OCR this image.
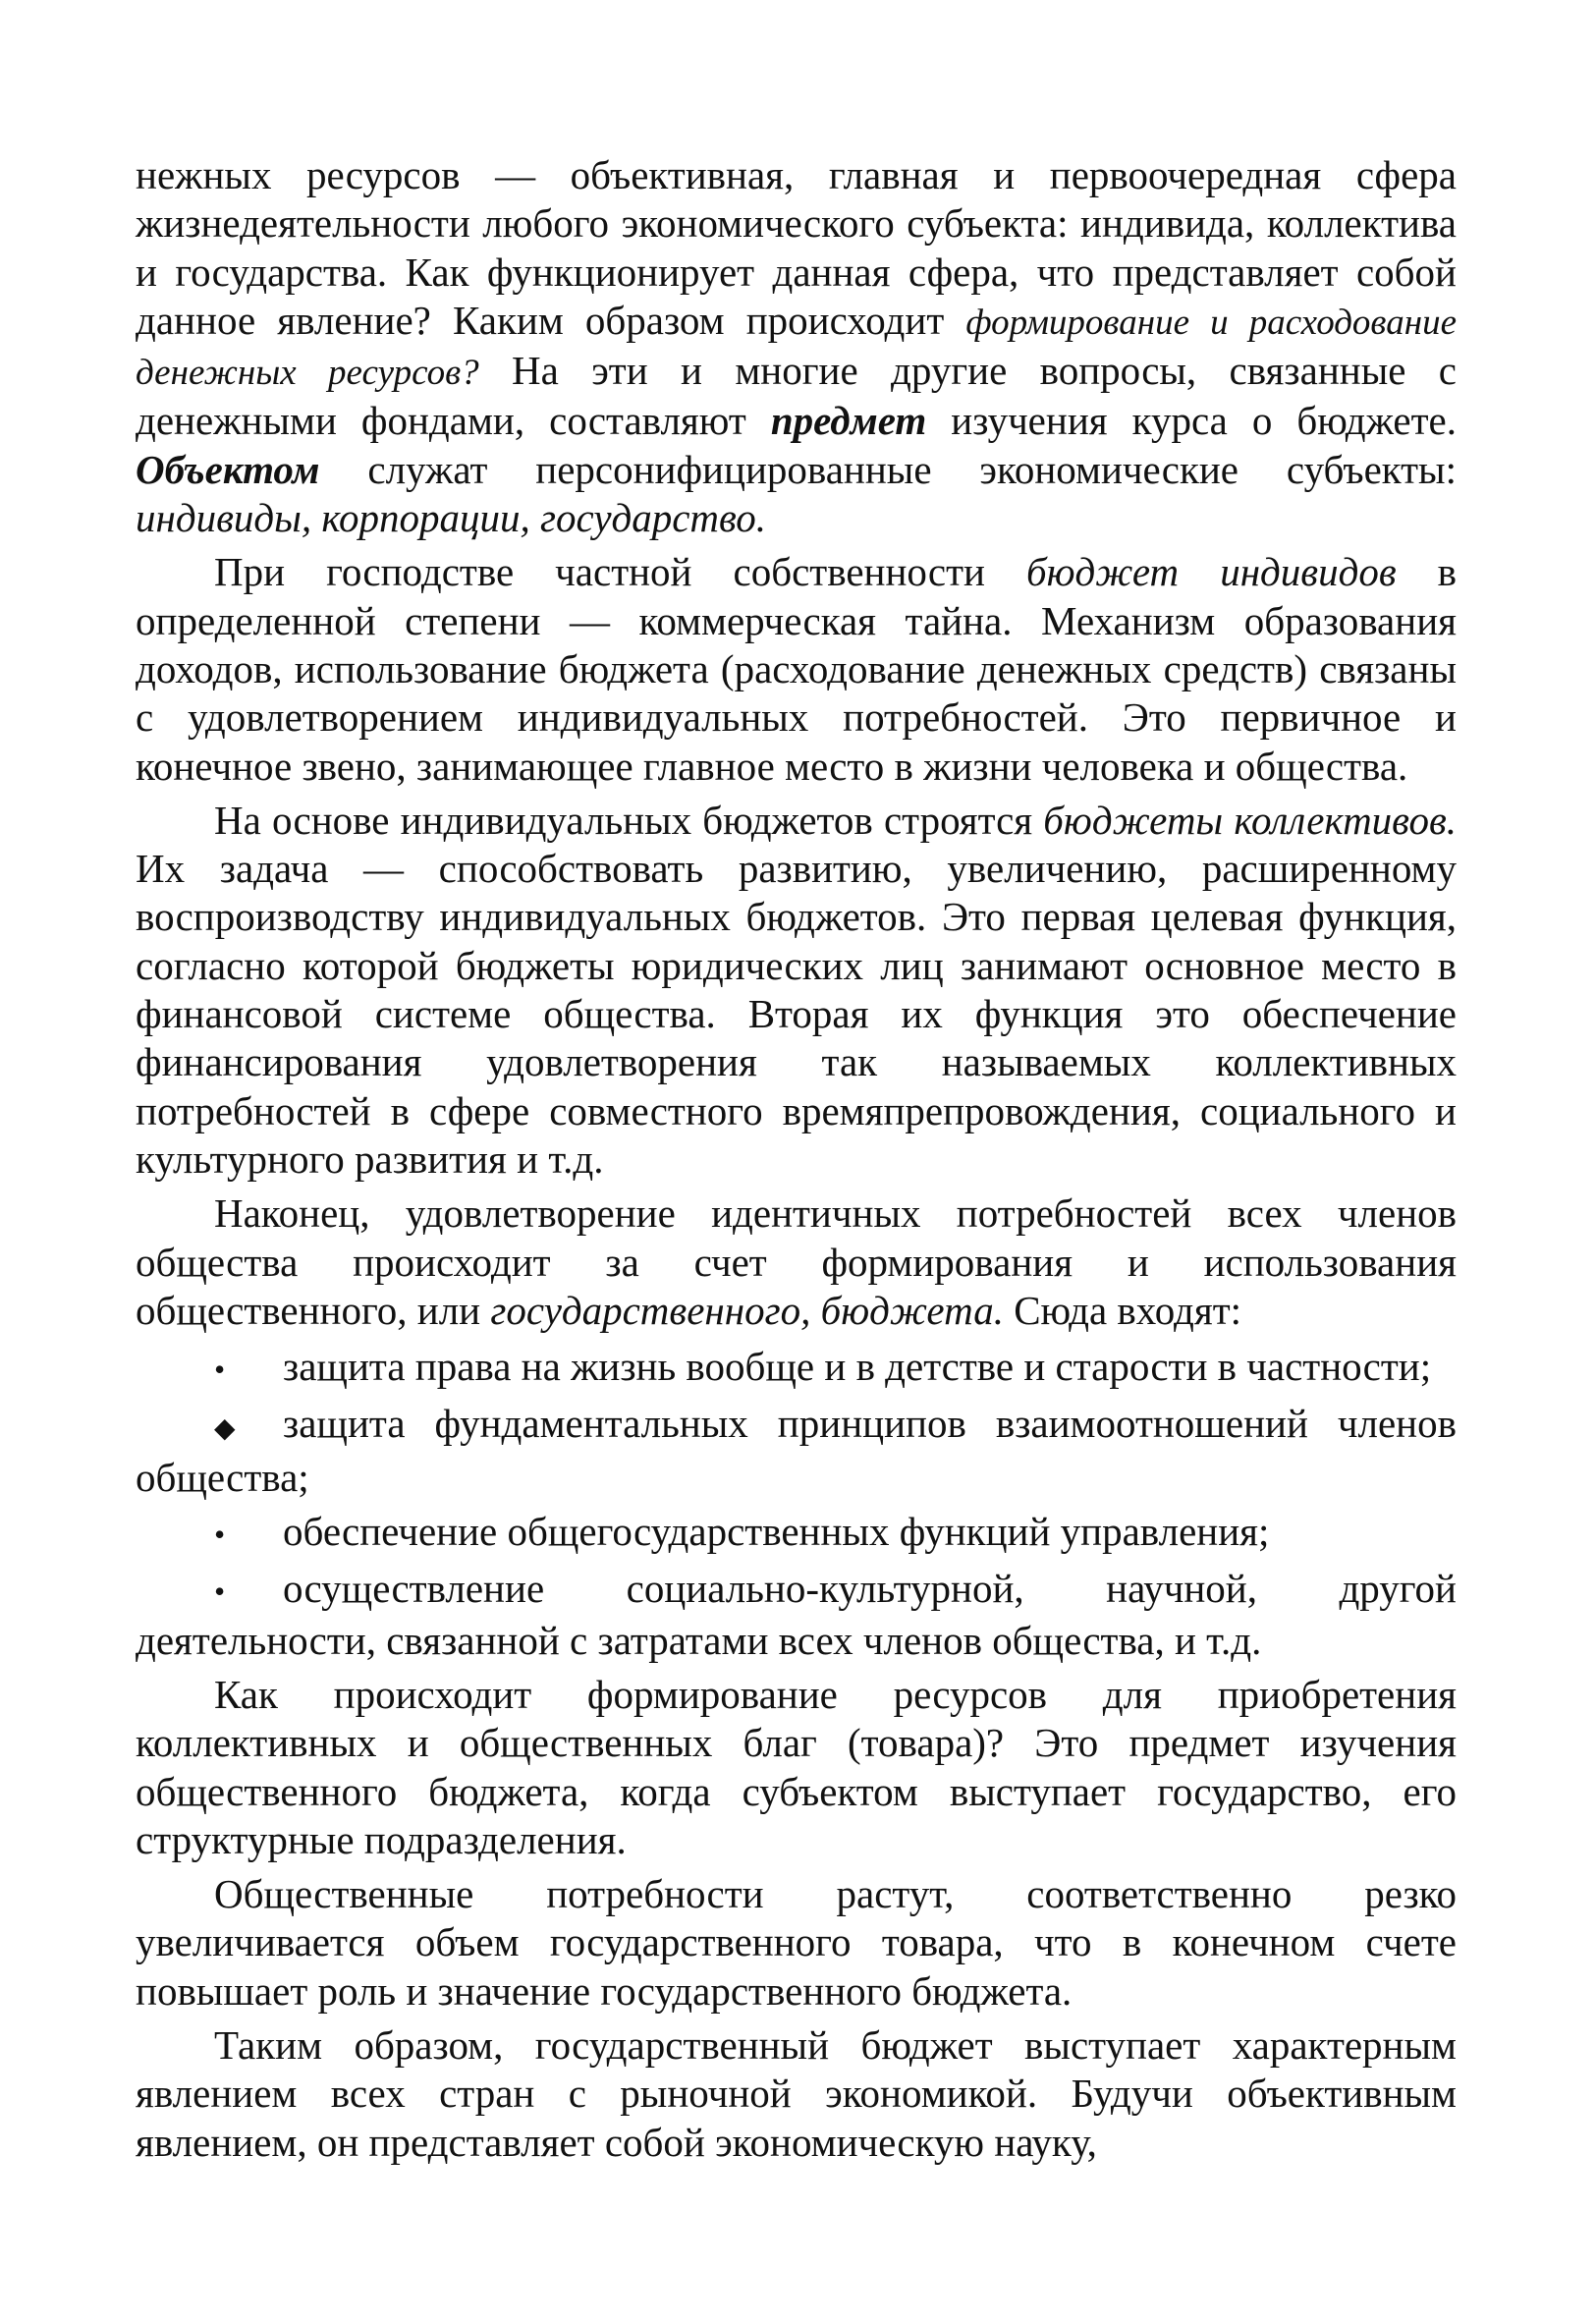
нежных ресурсов — объективная, главная и первоочередная сфера жизнедеятельности любого экономического субъекта: индивида, коллектива и государства. Как функционирует данная сфера, что представляет собой данное явление? Каким образом происходит формирование и расходование денежных ресурсов? На эти и многие другие вопросы, связанные с денежными фондами, составляют предмет изучения курса о бюджете. Объектом служат персонифицированные экономические субъекты: индивиды, корпорации, государство.

При господстве частной собственности бюджет индивидов в определенной степени — коммерческая тайна. Механизм образования доходов, использование бюджета (расходование денежных средств) связаны с удовлетворением индивидуальных потребностей. Это первичное и конечное звено, занимающее главное место в жизни человека и общества.

На основе индивидуальных бюджетов строятся бюджеты коллективов. Их задача — способствовать развитию, увеличению, расширенному воспроизводству индивидуальных бюджетов. Это первая целевая функция, согласно которой бюджеты юридических лиц занимают основное место в финансовой системе общества. Вторая их функция это обеспечение финансирования удовлетворения так называемых коллективных потребностей в сфере совместного времяпрепровождения, социального и культурного развития и т.д.

Наконец, удовлетворение идентичных потребностей всех членов общества происходит за счет формирования и использования общественного, или государственного, бюджета. Сюда входят:

• защита права на жизнь вообще и в детстве и старости в частности;
◆ защита фундаментальных принципов взаимоотношений членов общества;
• обеспечение общегосударственных функций управления;
• осуществление социально-культурной, научной, другой деятельности, связанной с затратами всех членов общества, и т.д.

Как происходит формирование ресурсов для приобретения коллективных и общественных благ (товара)? Это предмет изучения общественного бюджета, когда субъектом выступает государство, его структурные подразделения.

Общественные потребности растут, соответственно резко увеличивается объем государственного товара, что в конечном счете повышает роль и значение государственного бюджета.

Таким образом, государственный бюджет выступает характерным явлением всех стран с рыночной экономикой. Будучи объективным явлением, он представляет собой экономическую науку,
